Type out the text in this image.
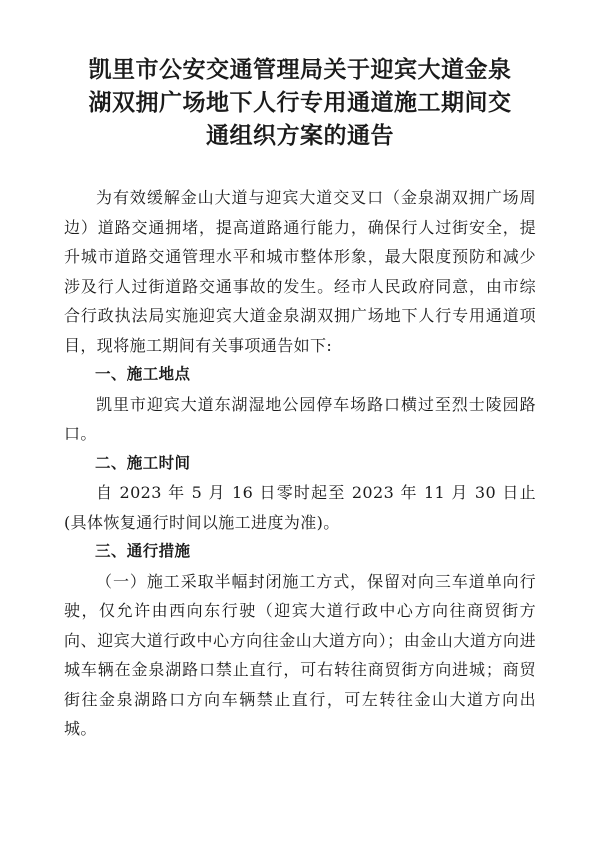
凯里市公安交通管理局关于迎宾大道金泉
湖双拥广场地下人行专用通道施工期间交
通组织方案的通告

为有效缓解金山大道与迎宾大道交叉口（金泉湖双拥广场周边）道路交通拥堵，提高道路通行能力，确保行人过街安全，提升城市道路交通管理水平和城市整体形象，最大限度预防和减少涉及行人过街道路交通事故的发生。经市人民政府同意，由市综合行政执法局实施迎宾大道金泉湖双拥广场地下人行专用通道项目，现将施工期间有关事项通告如下:

一、施工地点

凯里市迎宾大道东湖湿地公园停车场路口横过至烈士陵园路口。

二、施工时间

自 2023 年 5 月 16 日零时起至 2023 年 11 月 30 日止(具体恢复通行时间以施工进度为准)。

三、通行措施

（一）施工采取半幅封闭施工方式，保留对向三车道单向行驶，仅允许由西向东行驶（迎宾大道行政中心方向往商贸街方向、迎宾大道行政中心方向往金山大道方向）；由金山大道方向进城车辆在金泉湖路口禁止直行，可右转往商贸街方向进城；商贸街往金泉湖路口方向车辆禁止直行，可左转往金山大道方向出城。
